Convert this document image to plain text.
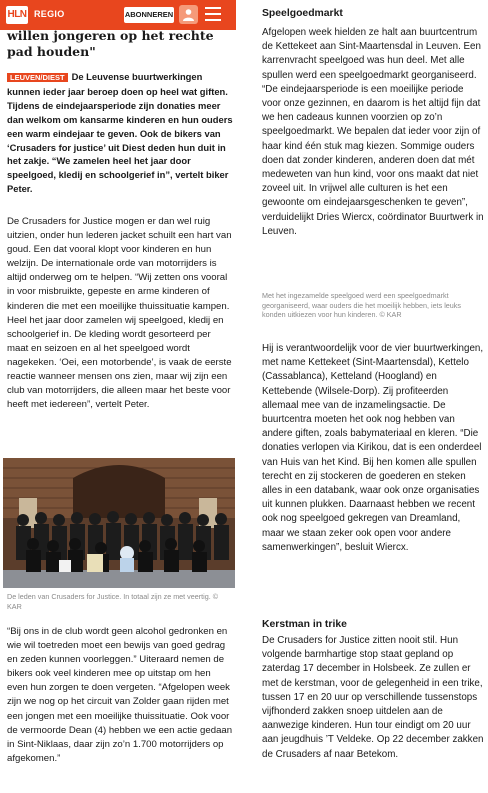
HLN REGIO	ABONNEREN
willen jongeren op het rechte pad houden"
LEUVEN/DIEST De Leuvense buurtwerkingen kunnen ieder jaar beroep doen op heel wat giften. Tijdens de eindejaarsperiode zijn donaties meer dan welkom om kansarme kinderen en hun ouders een warm eindejaar te geven. Ook de bikers van ‘Crusaders for justice’ uit Diest deden hun duit in het zakje. “We zamelen heel het jaar door speelgoed, kledij en schoolgerief in”, vertelt biker Peter.
De Crusaders for Justice mogen er dan wel ruig uitzien, onder hun lederen jacket schuilt een hart van goud. Een dat vooral klopt voor kinderen en hun welzijn. De internationale orde van motorrijders is altijd onderweg om te helpen. “Wij zetten ons vooral in voor misbruikte, gepeste en arme kinderen of kinderen die met een moeilijke thuissituatie kampen. Heel het jaar door zamelen wij speelgoed, kledij en schoolgerief in. De kleding wordt gesorteerd per maat en seizoen en al het speelgoed wordt nagekeken. ‘Oei, een motorbende’, is vaak de eerste reactie wanneer mensen ons zien, maar wij zijn een club van motorrijders, die alleen maar het beste voor heeft met iedereen”, vertelt Peter.
De leden van Crusaders for Justice. In totaal zijn ze met veertig. © KAR
“Bij ons in de club wordt geen alcohol gedronken en wie wil toetreden moet een bewijs van goed gedrag en zeden kunnen voorleggen.” Uiteraard nemen de bikers ook veel kinderen mee op uitstap om hen even hun zorgen te doen vergeten. “Afgelopen week zijn we nog op het circuit van Zolder gaan rijden met een jongen met een moeilijke thuissituatie. Ook voor de vermoorde Dean (4) hebben we een actie gedaan in Sint-Niklaas, daar zijn zo’n 1.700 motorrijders op afgekomen.”
Speelgoedmarkt
Afgelopen week hielden ze halt aan buurtcentrum de Kettekeet aan Sint-Maartensdal in Leuven. Een karrenvracht speelgoed was hun deel. Met alle spullen werd een speelgoedmarkt georganiseerd. “De eindejaarsperiode is een moeilijke periode voor onze gezinnen, en daarom is het altijd fijn dat we hen cadeaus kunnen voorzien op zo’n speelgoedmarkt. We bepalen dat ieder voor zijn of haar kind één stuk mag kiezen. Sommige ouders doen dat zonder kinderen, anderen doen dat mét medeweten van hun kind, voor ons maakt dat niet zoveel uit. In vrijwel alle culturen is het een gewoonte om eindejaarsgeschenken te geven”, verduidelijkt Dries Wiercx, coördinator Buurtwerk in Leuven.
Met het ingezamelde speelgoed werd een speelgoedmarkt georganiseerd, waar ouders die het moeilijk hebben, iets leuks konden uitkiezen voor hun kinderen. © KAR
Hij is verantwoordelijk voor de vier buurtwerkingen, met name Kettekeet (Sint-Maartensdal), Kettelo (Cassablanca), Ketteland (Hoogland) en Kettebende (Wilsele-Dorp). Zij profiteerden allemaal mee van de inzamelingsactie. De buurtcentra moeten het ook nog hebben van andere giften, zoals babymateriaal en kleren. “Die donaties verlopen via Kirikou, dat is een onderdeel van Huis van het Kind. Bij hen komen alle spullen terecht en zij stockeren de goederen en steken alles in een databank, waar ook onze organisaties uit kunnen plukken. Daarnaast hebben we recent ook nog speelgoed gekregen van Dreamland, maar we staan zeker ook open voor andere samenwerkingen”, besluit Wiercx.
Kerstman in trike
De Crusaders for Justice zitten nooit stil. Hun volgende barmhartige stop staat gepland op zaterdag 17 december in Holsbeek. Ze zullen er met de kerstman, voor de gelegenheid in een trike, tussen 17 en 20 uur op verschillende tussenstops vijfhonderd zakken snoep uitdelen aan de aanwezige kinderen. Hun tour eindigt om 20 uur aan jeugdhuis ’T Veldeke. Op 22 december zakken de Crusaders af naar Betekom.
